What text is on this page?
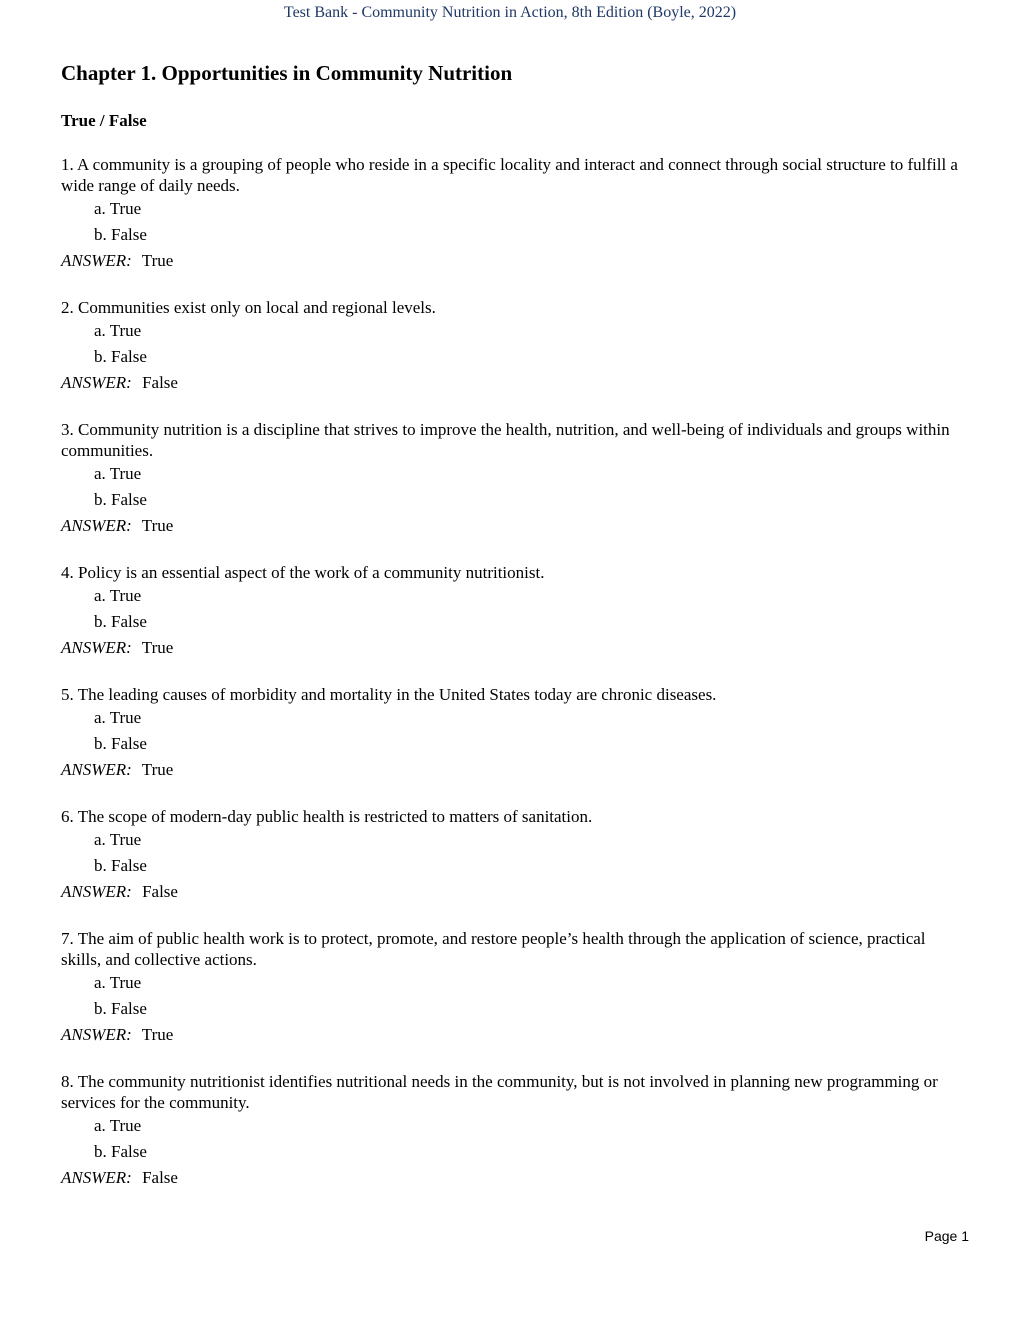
Test Bank - Community Nutrition in Action, 8th Edition (Boyle, 2022)
Chapter 1. Opportunities in Community Nutrition
True / False

1. A community is a grouping of people who reside in a specific locality and interact and connect through social structure to fulfill a wide range of daily needs.

a. True

b. False

ANSWER: True

2. Communities exist only on local and regional levels.

a. True

b. False

ANSWER: False

3. Community nutrition is a discipline that strives to improve the health, nutrition, and well-being of individuals and groups within communities.

a. True

b. False

ANSWER: True

4. Policy is an essential aspect of the work of a community nutritionist.

a. True

b. False

ANSWER: True

5. The leading causes of morbidity and mortality in the United States today are chronic diseases.

a. True

b. False

ANSWER: True

6. The scope of modern-day public health is restricted to matters of sanitation.

a. True

b. False

ANSWER: False

7. The aim of public health work is to protect, promote, and restore people’s health through the application of science, practical skills, and collective actions.

a. True

b. False

ANSWER: True

8. The community nutritionist identifies nutritional needs in the community, but is not involved in planning new programming or services for the community.

a. True

b. False

ANSWER: False

Page 1
